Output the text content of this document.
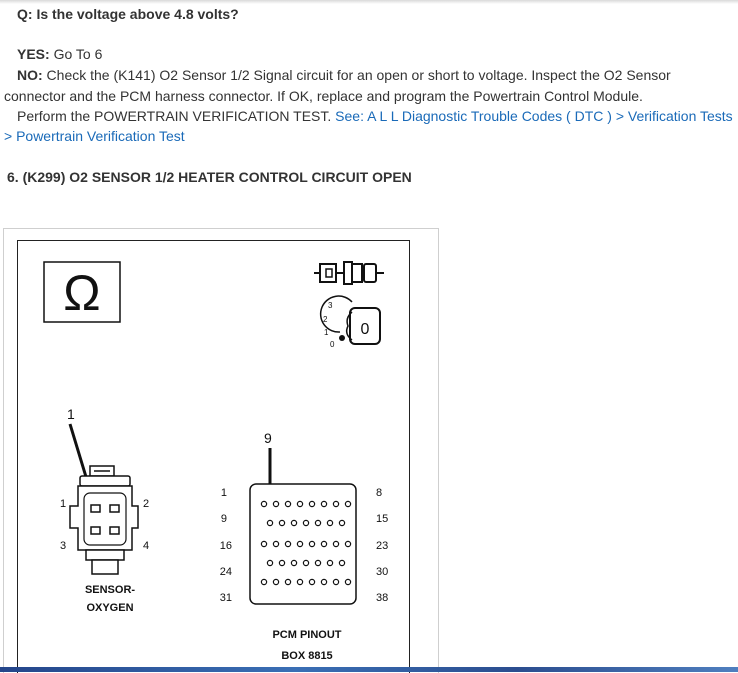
Q: Is the voltage above 4.8 volts?
YES: Go To 6
NO: Check the (K141) O2 Sensor 1/2 Signal circuit for an open or short to voltage. Inspect the O2 Sensor
connector and the PCM harness connector. If OK, replace and program the Powertrain Control Module.
Perform the POWERTRAIN VERIFICATION TEST. See: A L L Diagnostic Trouble Codes ( DTC ) > Verification Tests
> Powertrain Verification Test
6. (K299) O2 SENSOR 1/2 HEATER CONTROL CIRCUIT OPEN
Ω	3
2
1
0
0
1
1	2
3	4
SENSOR-
OXYGEN
9
1
9
16
24
31
8
15
23
30
38
PCM PINOUT
BOX 8815
